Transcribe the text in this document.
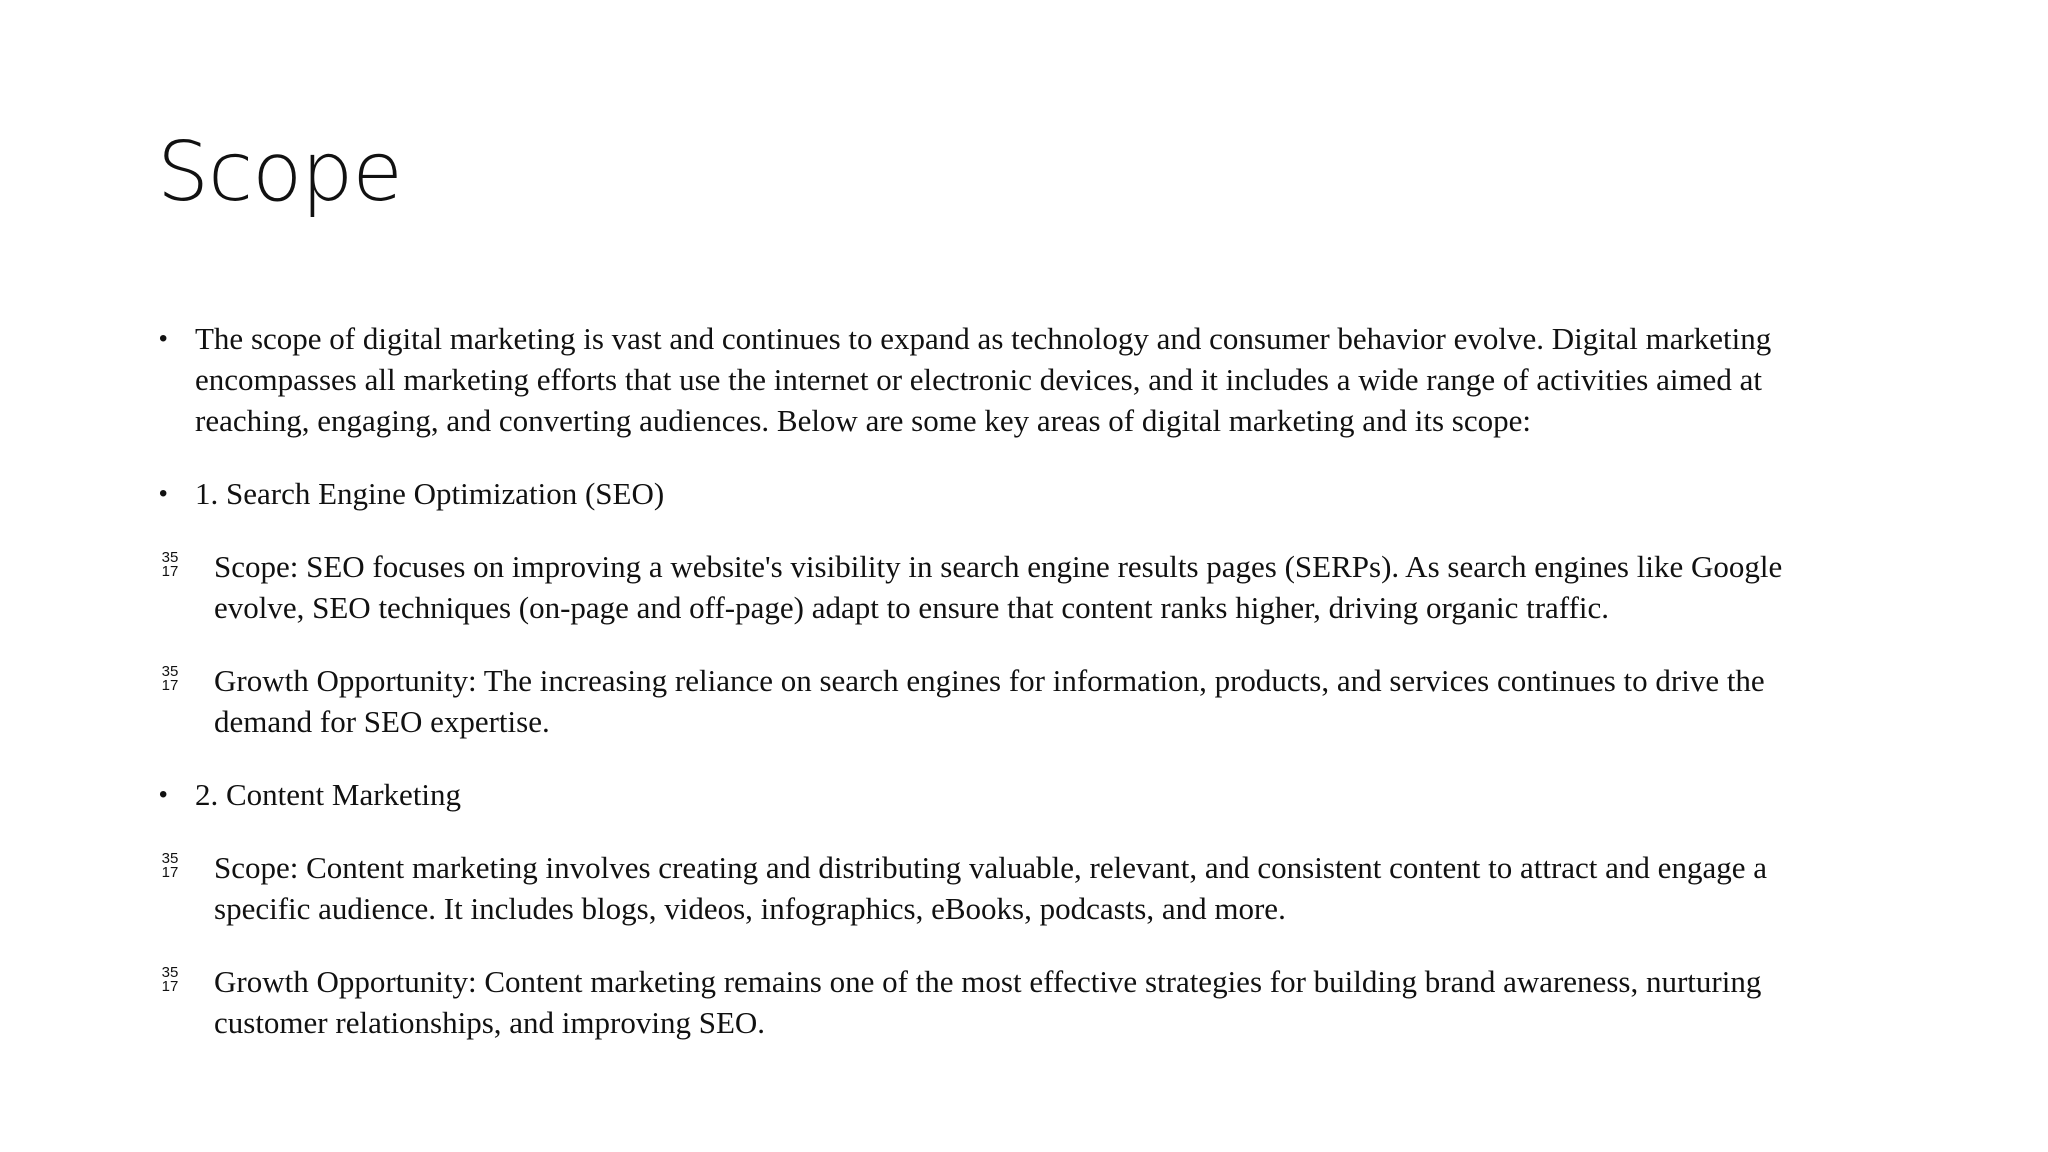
Scope
• The scope of digital marketing is vast and continues to expand as technology and consumer behavior evolve. Digital marketing encompasses all marketing efforts that use the internet or electronic devices, and it includes a wide range of activities aimed at reaching, engaging, and converting audiences. Below are some key areas of digital marketing and its scope:
• 1. Search Engine Optimization (SEO)
35
17 Scope: SEO focuses on improving a website's visibility in search engine results pages (SERPs). As search engines like Google evolve, SEO techniques (on-page and off-page) adapt to ensure that content ranks higher, driving organic traffic.
35
17 Growth Opportunity: The increasing reliance on search engines for information, products, and services continues to drive the demand for SEO expertise.
• 2. Content Marketing
35
17 Scope: Content marketing involves creating and distributing valuable, relevant, and consistent content to attract and engage a specific audience. It includes blogs, videos, infographics, eBooks, podcasts, and more.
35
17 Growth Opportunity: Content marketing remains one of the most effective strategies for building brand awareness, nurturing customer relationships, and improving SEO.
